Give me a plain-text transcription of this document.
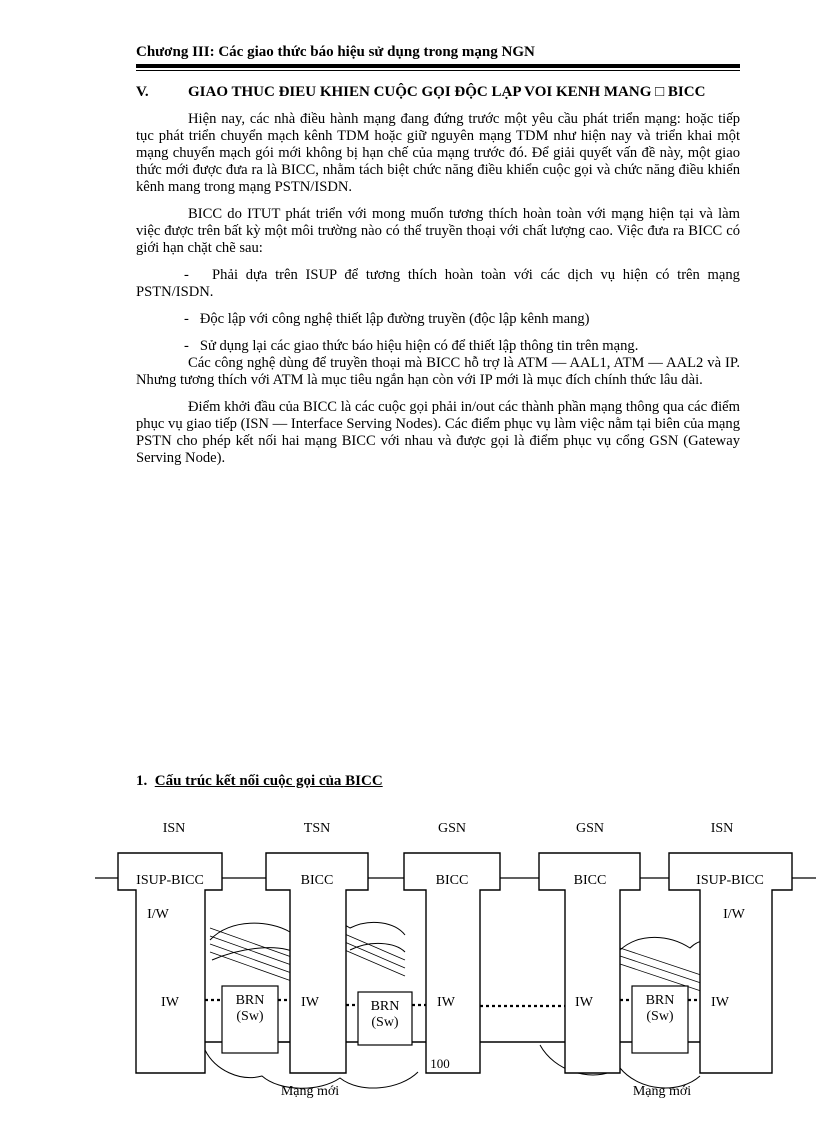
Chương III: Các giao thức báo hiệu sử dụng trong mạng NGN
V.	GIAO THUC ĐIEU KHIEN CUỘC GỌI ĐỘC LẠP VOI KENH MANG □ BICC

Hiện nay, các nhà điều hành mạng đang đứng trước một yêu cầu phát triển mạng: hoặc tiếp tục phát triển chuyển mạch kênh TDM hoặc giữ nguyên mạng TDM như hiện nay và triển khai một mạng chuyển mạch gói mới không bị hạn chế của mạng trước đó. Để giải quyết vấn đề này, một giao thức mới được đưa ra là BICC, nhằm tách biệt chức năng điều khiển cuộc gọi và chức năng điều khiển kênh mang trong mạng PSTN/ISDN.

BICC do ITUT phát triển với mong muốn tương thích hoàn toàn với mạng hiện tại và làm việc được trên bất kỳ một môi trường nào có thể truyền thoại với chất lượng cao. Việc đưa ra BICC có giới hạn chặt chẽ sau:

- Phải dựa trên ISUP để tương thích hoàn toàn với các dịch vụ hiện có trên mạng PSTN/ISDN.

- Độc lập với công nghệ thiết lập đường truyền (độc lập kênh mang)

- Sử dụng lại các giao thức báo hiệu hiện có để thiết lập thông tin trên mạng.

Các công nghệ dùng để truyền thoại mà BICC hỗ trợ là ATM — AAL1, ATM — AAL2 và IP. Nhưng tương thích với ATM là mục tiêu ngắn hạn còn với IP mới là mục đích chính thức lâu dài.

Điểm khởi đầu của BICC là các cuộc gọi phải in/out các thành phần mạng thông qua các điểm phục vụ giao tiếp (ISN — Interface Serving Nodes). Các điểm phục vụ làm việc nằm tại biên của mạng PSTN cho phép kết nối hai mạng BICC với nhau và được gọi là điểm phục vụ cổng GSN (Gateway Serving Node).

1. Cấu trúc kết nối cuộc gọi của BICC
ISN	TSN	GSN	GSN	ISN
ISUP-BICC	BICC	BICC	BICC	ISUP-BICC
I/W	I/W
IW	IW	IW	IW	IW
BRN
(Sw)
BRN
(Sw)
BRN
(Sw)
100
Mạng mới	Mạng mới
